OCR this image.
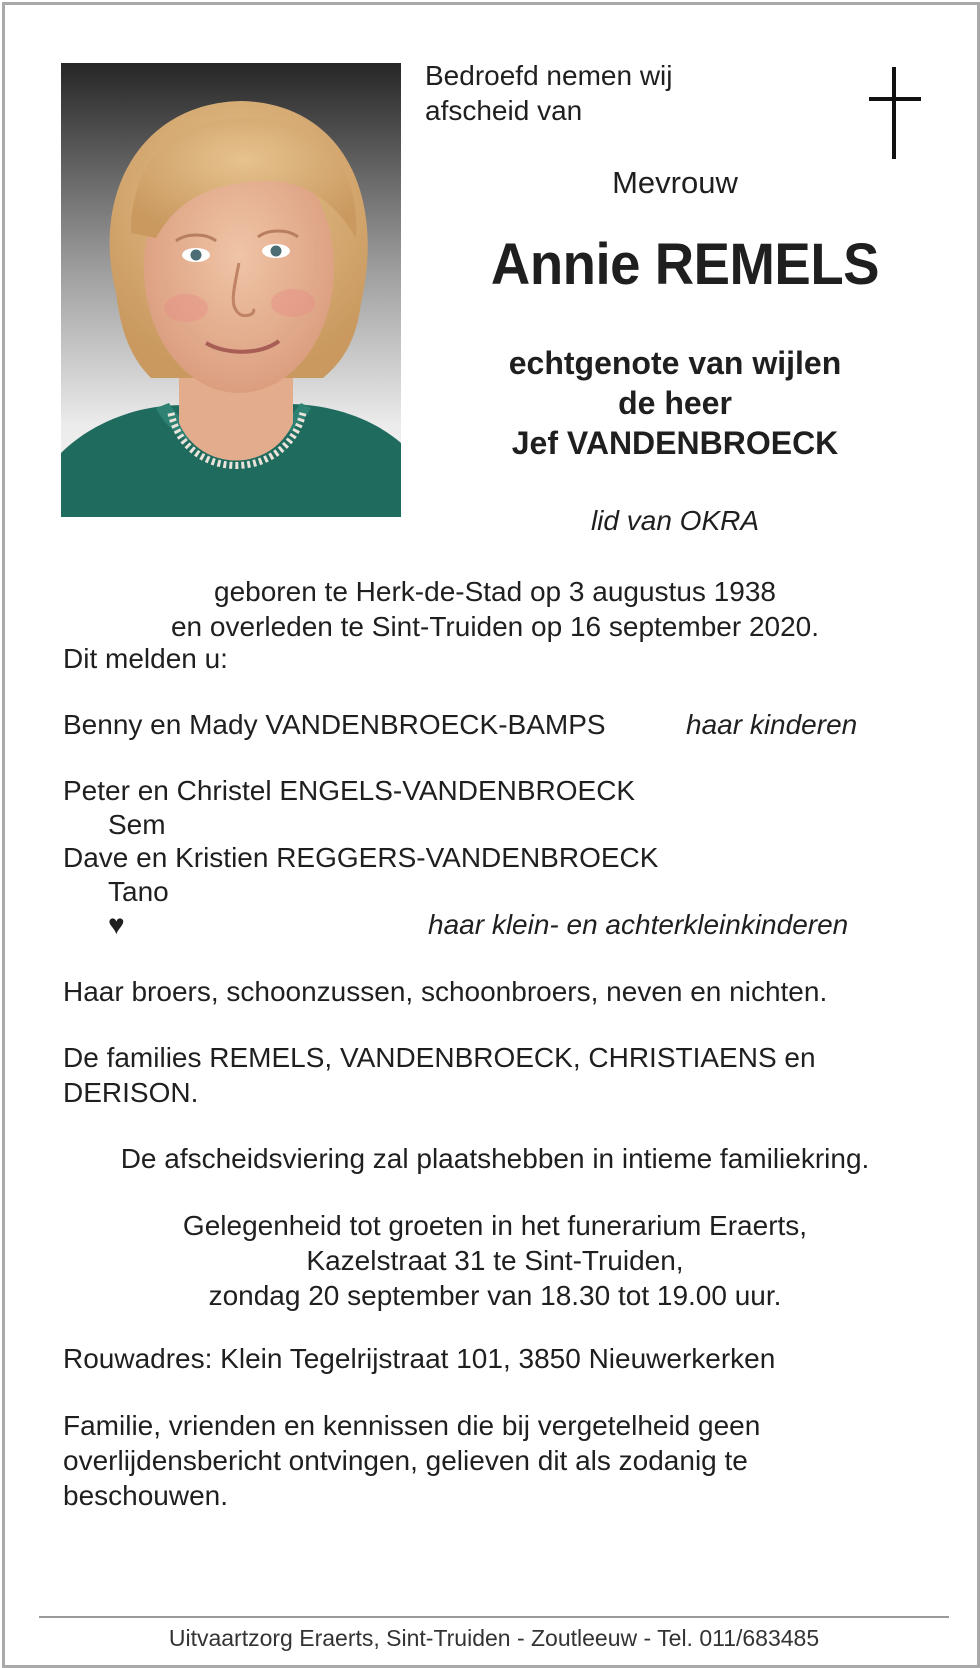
Bedroefd nemen wij afscheid van
Mevrouw
Annie REMELS
echtgenote van wijlen
de heer
Jef VANDENBROECK
lid van OKRA
geboren te Herk-de-Stad op 3 augustus 1938
en overleden te Sint-Truiden op 16 september 2020.
Dit melden u:
Benny en Mady VANDENBROECK-BAMPS	haar kinderen
Peter en Christel ENGELS-VANDENBROECK
Sem
Dave en Kristien REGGERS-VANDENBROECK
Tano
♥	haar klein- en achterkleinkinderen
Haar broers, schoonzussen, schoonbroers, neven en nichten.
De families REMELS, VANDENBROECK, CHRISTIAENS en DERISON.
De afscheidsviering zal plaatshebben in intieme familiekring.
Gelegenheid tot groeten in het funerarium Eraerts,
Kazelstraat 31 te Sint-Truiden,
zondag 20 september van 18.30 tot 19.00 uur.
Rouwadres: Klein Tegelrijstraat 101, 3850 Nieuwerkerken
Familie, vrienden en kennissen die bij vergetelheid geen overlijdensbericht ontvingen, gelieven dit als zodanig te beschouwen.
Uitvaartzorg Eraerts, Sint-Truiden - Zoutleeuw - Tel. 011/683485
